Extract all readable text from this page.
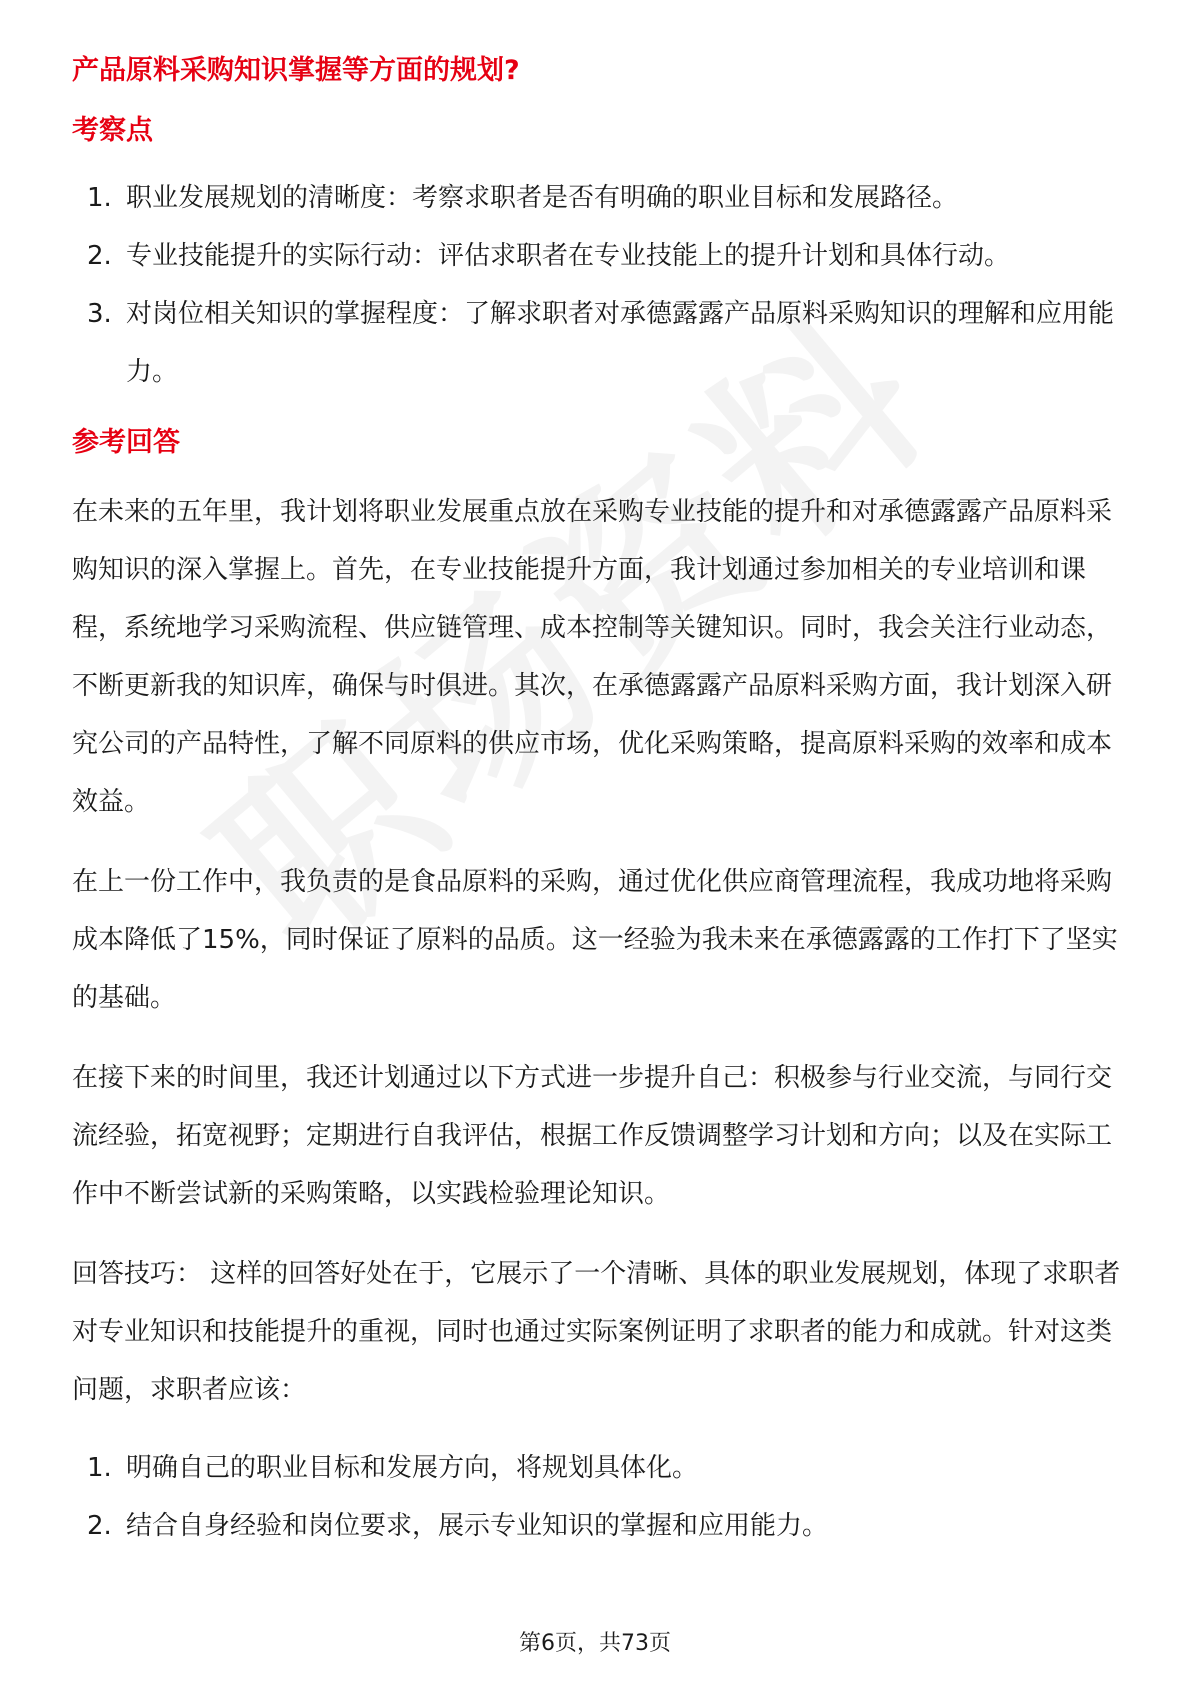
产品原料采购知识掌握等方面的规划?
考察点
1. 职业发展规划的清晰度：考察求职者是否有明确的职业目标和发展路径。
2. 专业技能提升的实际行动：评估求职者在专业技能上的提升计划和具体行动。
3. 对岗位相关知识的掌握程度：了解求职者对承德露露产品原料采购知识的理解和应用能力。
参考回答

在未来的五年里，我计划将职业发展重点放在采购专业技能的提升和对承德露露产品原料采购知识的深入掌握上。首先，在专业技能提升方面，我计划通过参加相关的专业培训和课程，系统地学习采购流程、供应链管理、成本控制等关键知识。同时，我会关注行业动态，不断更新我的知识库，确保与时俱进。其次，在承德露露产品原料采购方面，我计划深入研究公司的产品特性，了解不同原料的供应市场，优化采购策略，提高原料采购的效率和成本效益。

在上一份工作中，我负责的是食品原料的采购，通过优化供应商管理流程，我成功地将采购成本降低了15%，同时保证了原料的品质。这一经验为我未来在承德露露的工作打下了坚实的基础。

在接下来的时间里，我还计划通过以下方式进一步提升自己：积极参与行业交流，与同行交流经验，拓宽视野；定期进行自我评估，根据工作反馈调整学习计划和方向；以及在实际工作中不断尝试新的采购策略，以实践检验理论知识。

回答技巧： 这样的回答好处在于，它展示了一个清晰、具体的职业发展规划，体现了求职者对专业知识和技能提升的重视，同时也通过实际案例证明了求职者的能力和成就。针对这类问题，求职者应该：

1. 明确自己的职业目标和发展方向，将规划具体化。
2. 结合自身经验和岗位要求，展示专业知识的掌握和应用能力。
第6页，共73页
